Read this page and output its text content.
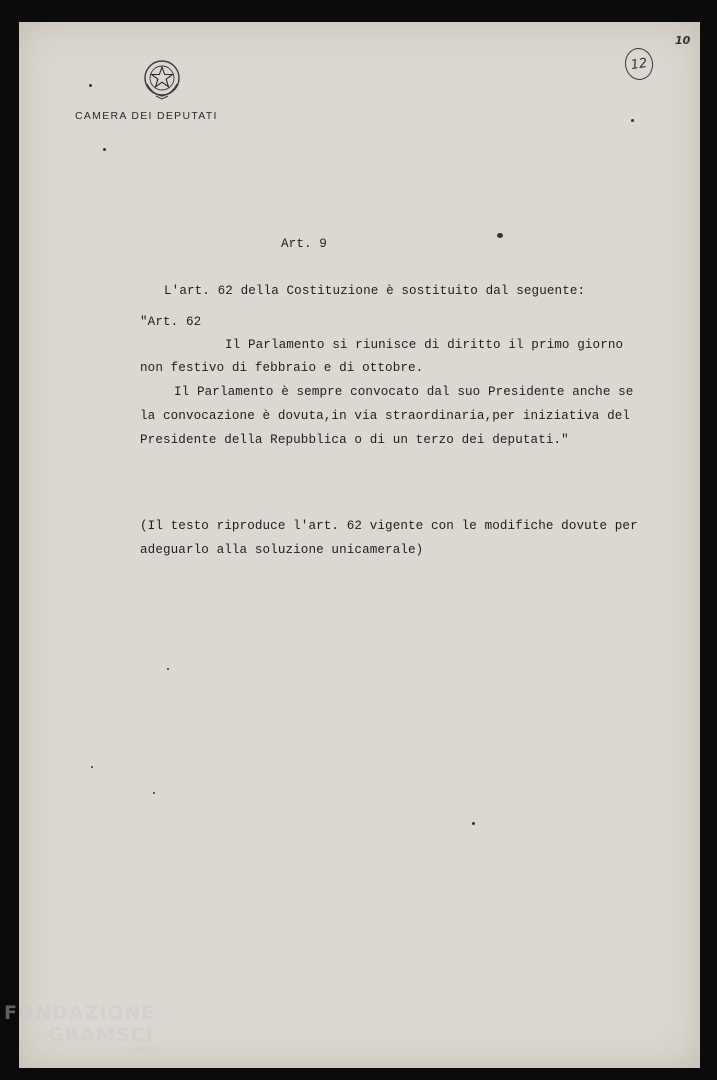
CAMERA DEI DEPUTATI
12
10
Art. 9
L'art. 62 della Costituzione è sostituito dal seguente:
"Art. 62
Il Parlamento si riunisce di diritto il primo giorno
non festivo di febbraio e di ottobre.
Il Parlamento è sempre convocato dal suo Presidente anche se
la convocazione è dovuta,in via straordinaria,per iniziativa del
Presidente della Repubblica o di un terzo dei deputati."
(Il testo riproduce l'art. 62 vigente con le modifiche dovute per
adeguarlo alla soluzione unicamerale)
FONDAZIONE
GRAMSCI
onlus
